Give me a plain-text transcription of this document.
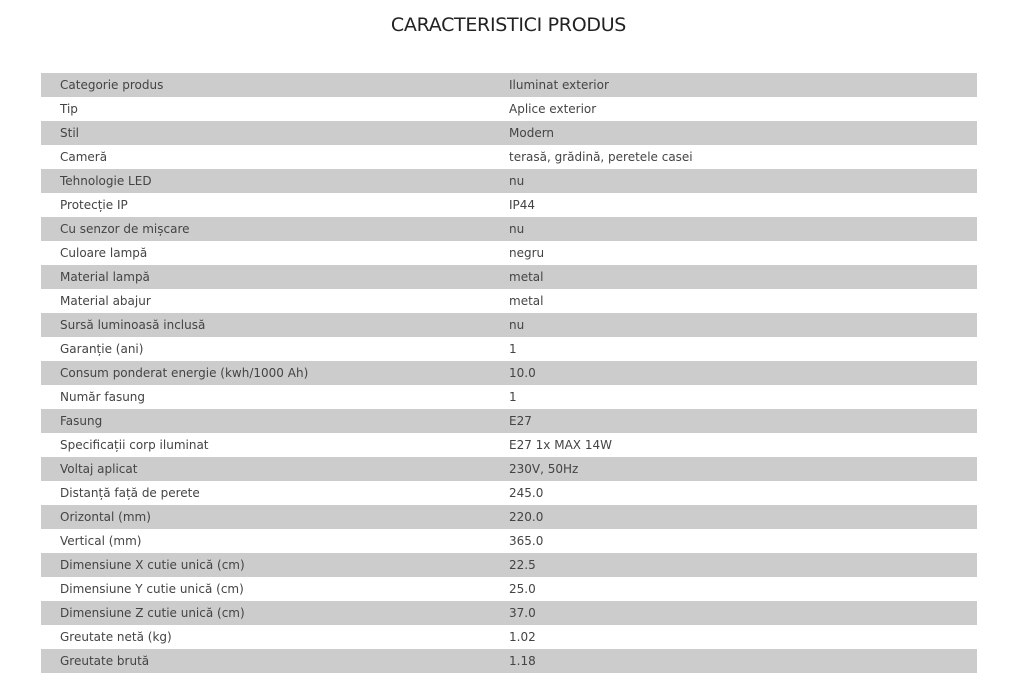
CARACTERISTICI PRODUS
Categorie produs	Iluminat exterior
Tip	Aplice exterior
Stil	Modern
Cameră	terasă, grădină, peretele casei
Tehnologie LED	nu
Protecție IP	IP44
Cu senzor de mișcare	nu
Culoare lampă	negru
Material lampă	metal
Material abajur	metal
Sursă luminoasă inclusă	nu
Garanție (ani)	1
Consum ponderat energie (kwh/1000 Ah)	10.0
Număr fasung	1
Fasung	E27
Specificații corp iluminat	E27 1x MAX 14W
Voltaj aplicat	230V, 50Hz
Distanță față de perete	245.0
Orizontal (mm)	220.0
Vertical (mm)	365.0
Dimensiune X cutie unică (cm)	22.5
Dimensiune Y cutie unică (cm)	25.0
Dimensiune Z cutie unică (cm)	37.0
Greutate netă (kg)	1.02
Greutate brută	1.18
